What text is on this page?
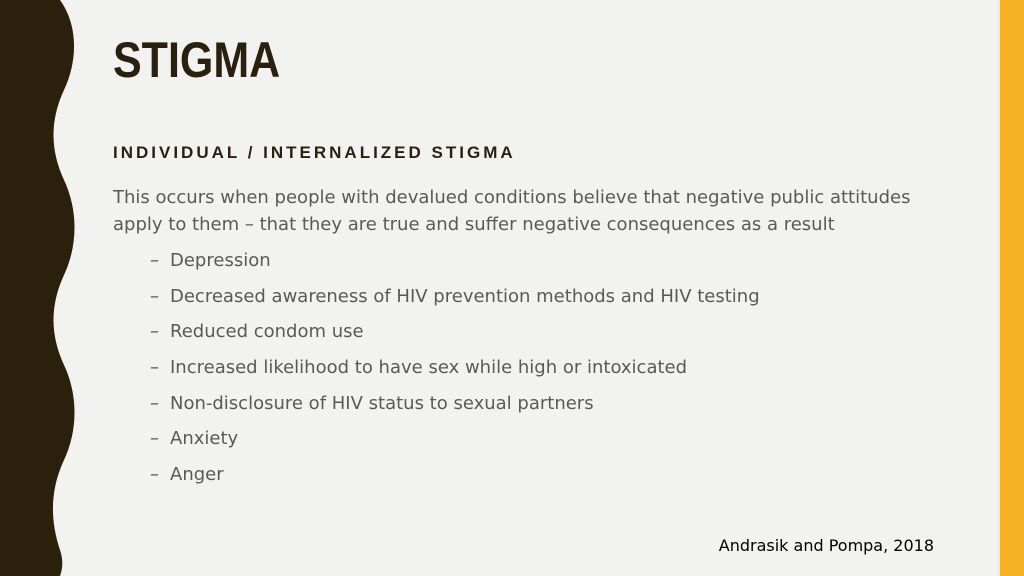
STIGMA
INDIVIDUAL / INTERNALIZED STIGMA
This occurs when people with devalued conditions believe that negative public attitudes apply to them – that they are true and suffer negative consequences as a result
– Depression
– Decreased awareness of HIV prevention methods and HIV testing
– Reduced condom use
– Increased likelihood to have sex while high or intoxicated
– Non-disclosure of HIV status to sexual partners
– Anxiety
– Anger
Andrasik and Pompa, 2018
